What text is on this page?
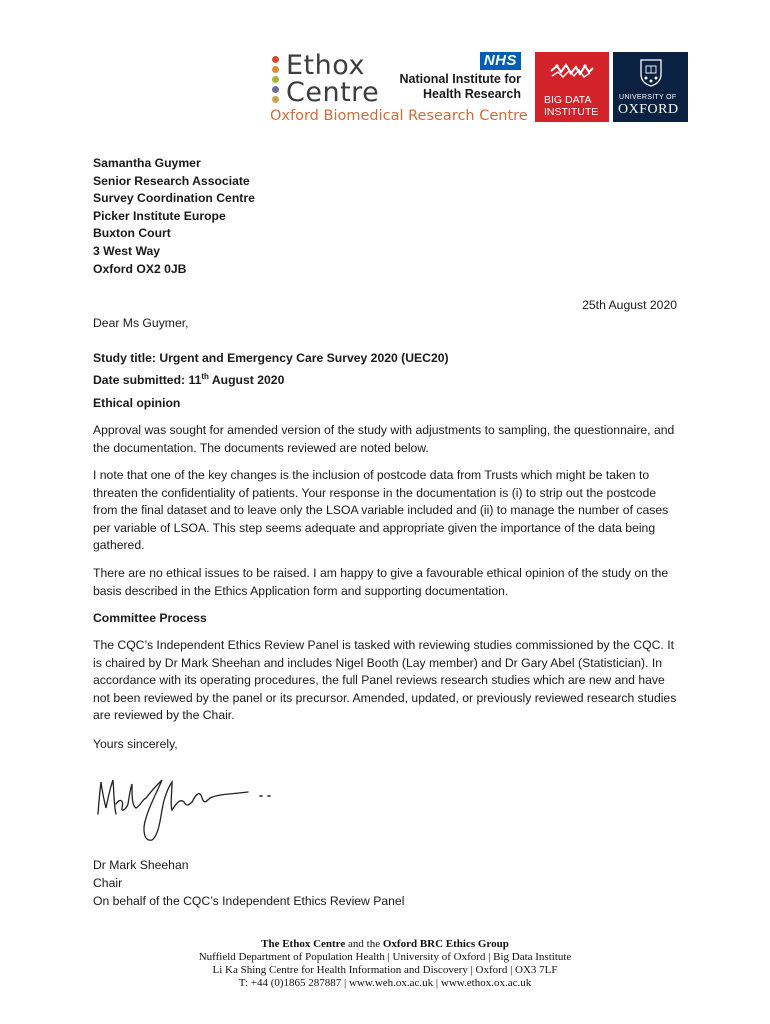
Ethox
Centre
Oxford Biomedical Research Centre
NHS
National Institute for
Health Research BIG DATA
INSTITUTE
UNIVERSITY OF
OXFORD
Samantha Guymer
Senior Research Associate
Survey Coordination Centre
Picker Institute Europe
Buxton Court
3 West Way
Oxford OX2 0JB
25th August 2020
Dear Ms Guymer,
Study title: Urgent and Emergency Care Survey 2020 (UEC20)
Date submitted: 11th August 2020
Ethical opinion
Approval was sought for amended version of the study with adjustments to sampling, the questionnaire, and the documentation. The documents reviewed are noted below.
I note that one of the key changes is the inclusion of postcode data from Trusts which might be taken to threaten the confidentiality of patients. Your response in the documentation is (i) to strip out the postcode from the final dataset and to leave only the LSOA variable included and (ii) to manage the number of cases per variable of LSOA. This step seems adequate and appropriate given the importance of the data being gathered.
There are no ethical issues to be raised. I am happy to give a favourable ethical opinion of the study on the basis described in the Ethics Application form and supporting documentation.
Committee Process
The CQC’s Independent Ethics Review Panel is tasked with reviewing studies commissioned by the CQC. It is chaired by Dr Mark Sheehan and includes Nigel Booth (Lay member) and Dr Gary Abel (Statistician). In accordance with its operating procedures, the full Panel reviews research studies which are new and have not been reviewed by the panel or its precursor. Amended, updated, or previously reviewed research studies are reviewed by the Chair.
Yours sincerely,
Dr Mark Sheehan
Chair
On behalf of the CQC’s Independent Ethics Review Panel
The Ethox Centre and the Oxford BRC Ethics Group
Nuffield Department of Population Health | University of Oxford | Big Data Institute
Li Ka Shing Centre for Health Information and Discovery | Oxford | OX3 7LF
T: +44 (0)1865 287887 | www.weh.ox.ac.uk | www.ethox.ox.ac.uk
